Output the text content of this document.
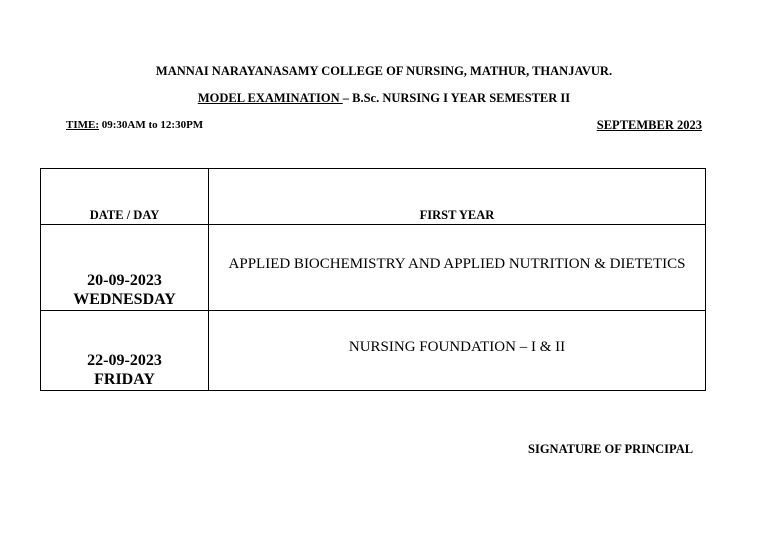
MANNAI NARAYANASAMY COLLEGE OF NURSING, MATHUR, THANJAVUR.
MODEL EXAMINATION – B.Sc. NURSING I YEAR SEMESTER II
TIME: 09:30AM to 12:30PM	SEPTEMBER 2023
DATE / DAY	FIRST YEAR

20-09-2023
WEDNESDAY	APPLIED BIOCHEMISTRY AND APPLIED NUTRITION & DIETETICS

22-09-2023
FRIDAY	NURSING FOUNDATION – I & II
SIGNATURE OF PRINCIPAL
